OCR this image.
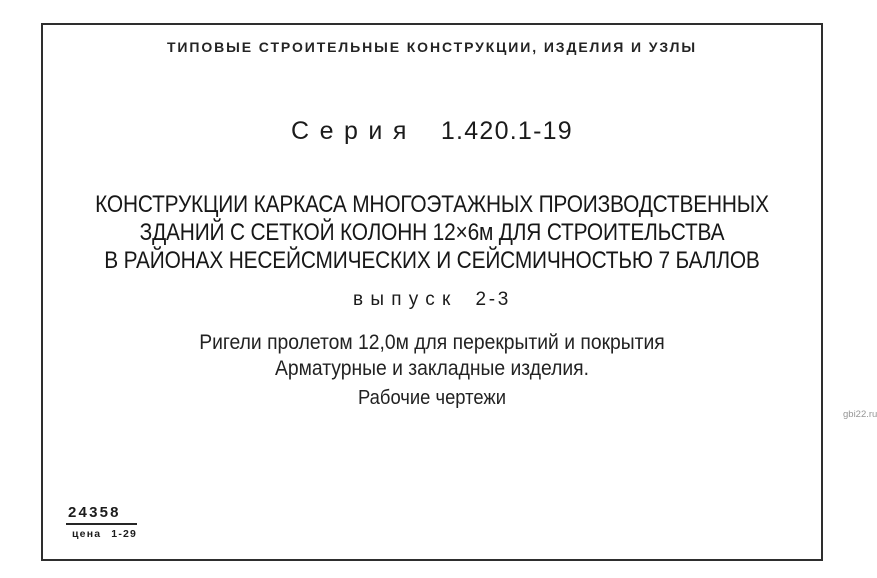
ТИПОВЫЕ СТРОИТЕЛЬНЫЕ КОНСТРУКЦИИ, ИЗДЕЛИЯ И УЗЛЫ
Серия 1.420.1-19
КОНСТРУКЦИИ КАРКАСА МНОГОЭТАЖНЫХ ПРОИЗВОДСТВЕННЫХ
ЗДАНИЙ С СЕТКОЙ КОЛОНН 12×6м ДЛЯ СТРОИТЕЛЬСТВА
В РАЙОНАХ НЕСЕЙСМИЧЕСКИХ И СЕЙСМИЧНОСТЬЮ 7 БАЛЛОВ
выпуск 2-3
Ригели пролетом 12,0м для перекрытий и покрытия
Арматурные и закладные изделия.
Рабочие чертежи
24358
цена 1-29
gbi22.ru
